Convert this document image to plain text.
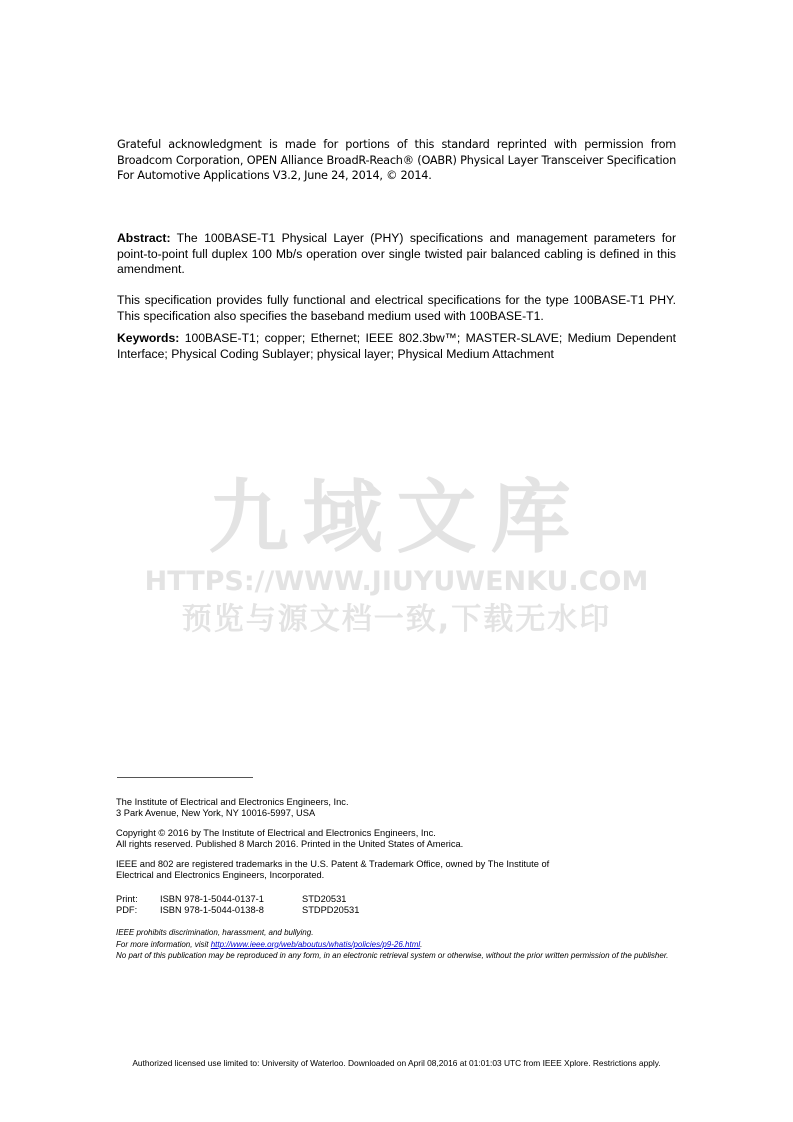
Grateful acknowledgment is made for portions of this standard reprinted with permission from Broadcom Corporation, OPEN Alliance BroadR-Reach® (OABR) Physical Layer Transceiver Specification For Automotive Applications V3.2, June 24, 2014, © 2014.
Abstract: The 100BASE-T1 Physical Layer (PHY) specifications and management parameters for point-to-point full duplex 100 Mb/s operation over single twisted pair balanced cabling is defined in this amendment.
This specification provides fully functional and electrical specifications for the type 100BASE-T1 PHY. This specification also specifies the baseband medium used with 100BASE-T1.
Keywords: 100BASE-T1; copper; Ethernet; IEEE 802.3bw™; MASTER-SLAVE; Medium Dependent Interface; Physical Coding Sublayer; physical layer; Physical Medium Attachment
九域文库
HTTPS://WWW.JIUYUWENKU.COM
预览与源文档一致,下载无水印
The Institute of Electrical and Electronics Engineers, Inc.
3 Park Avenue, New York, NY 10016-5997, USA
Copyright © 2016 by The Institute of Electrical and Electronics Engineers, Inc.
All rights reserved. Published 8 March 2016. Printed in the United States of America.
IEEE and 802 are registered trademarks in the U.S. Patent & Trademark Office, owned by The Institute of
Electrical and Electronics Engineers, Incorporated.
Print:	ISBN 978-1-5044-0137-1	STD20531
PDF:	ISBN 978-1-5044-0138-8	STDPD20531
IEEE prohibits discrimination, harassment, and bullying.
For more information, visit http://www.ieee.org/web/aboutus/whatis/policies/p9-26.html.
No part of this publication may be reproduced in any form, in an electronic retrieval system or otherwise, without the prior written permission of the publisher.
Authorized licensed use limited to: University of Waterloo. Downloaded on April 08,2016 at 01:01:03 UTC from IEEE Xplore. Restrictions apply.
